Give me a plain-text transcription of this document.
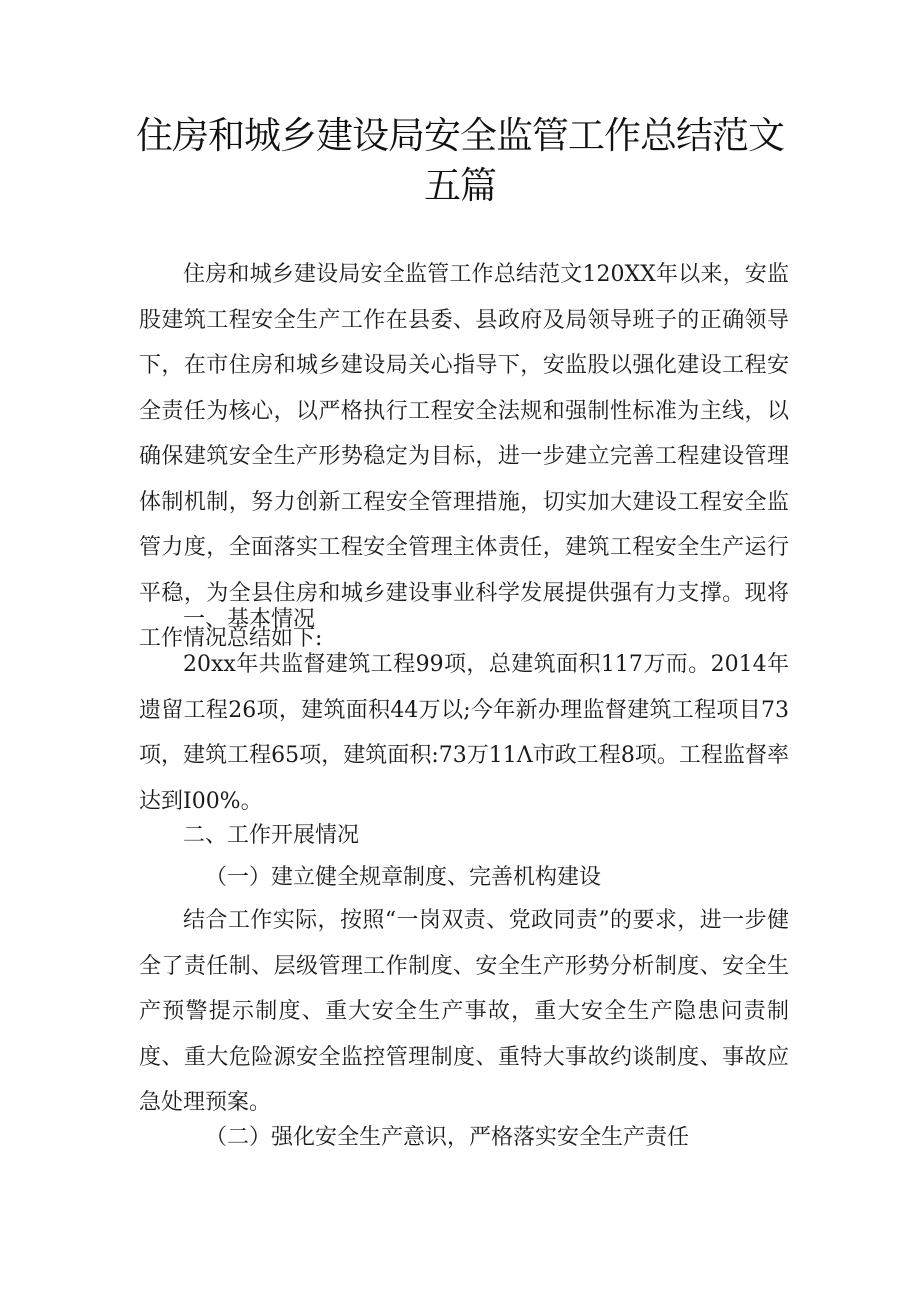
住房和城乡建设局安全监管工作总结范文
五篇

住房和城乡建设局安全监管工作总结范文120XX年以来，安监股建筑工程安全生产工作在县委、县政府及局领导班子的正确领导下，在市住房和城乡建设局关心指导下，安监股以强化建设工程安全责任为核心，以严格执行工程安全法规和强制性标准为主线，以确保建筑安全生产形势稳定为目标，进一步建立完善工程建设管理体制机制，努力创新工程安全管理措施，切实加大建设工程安全监管力度，全面落实工程安全管理主体责任，建筑工程安全生产运行平稳，为全县住房和城乡建设事业科学发展提供强有力支撑。现将工作情况总结如下:

一、基本情况

20xx年共监督建筑工程99项，总建筑面积117万而。2014年遗留工程26项，建筑面积44万以;今年新办理监督建筑工程项目73项，建筑工程65项，建筑面积:73万11Λ市政工程8项。工程监督率达到I00%。

二、工作开展情况

（一）建立健全规章制度、完善机构建设

结合工作实际，按照“一岗双责、党政同责”的要求，进一步健全了责任制、层级管理工作制度、安全生产形势分析制度、安全生产预警提示制度、重大安全生产事故，重大安全生产隐患问责制度、重大危险源安全监控管理制度、重特大事故约谈制度、事故应急处理预案。

（二）强化安全生产意识，严格落实安全生产责任
